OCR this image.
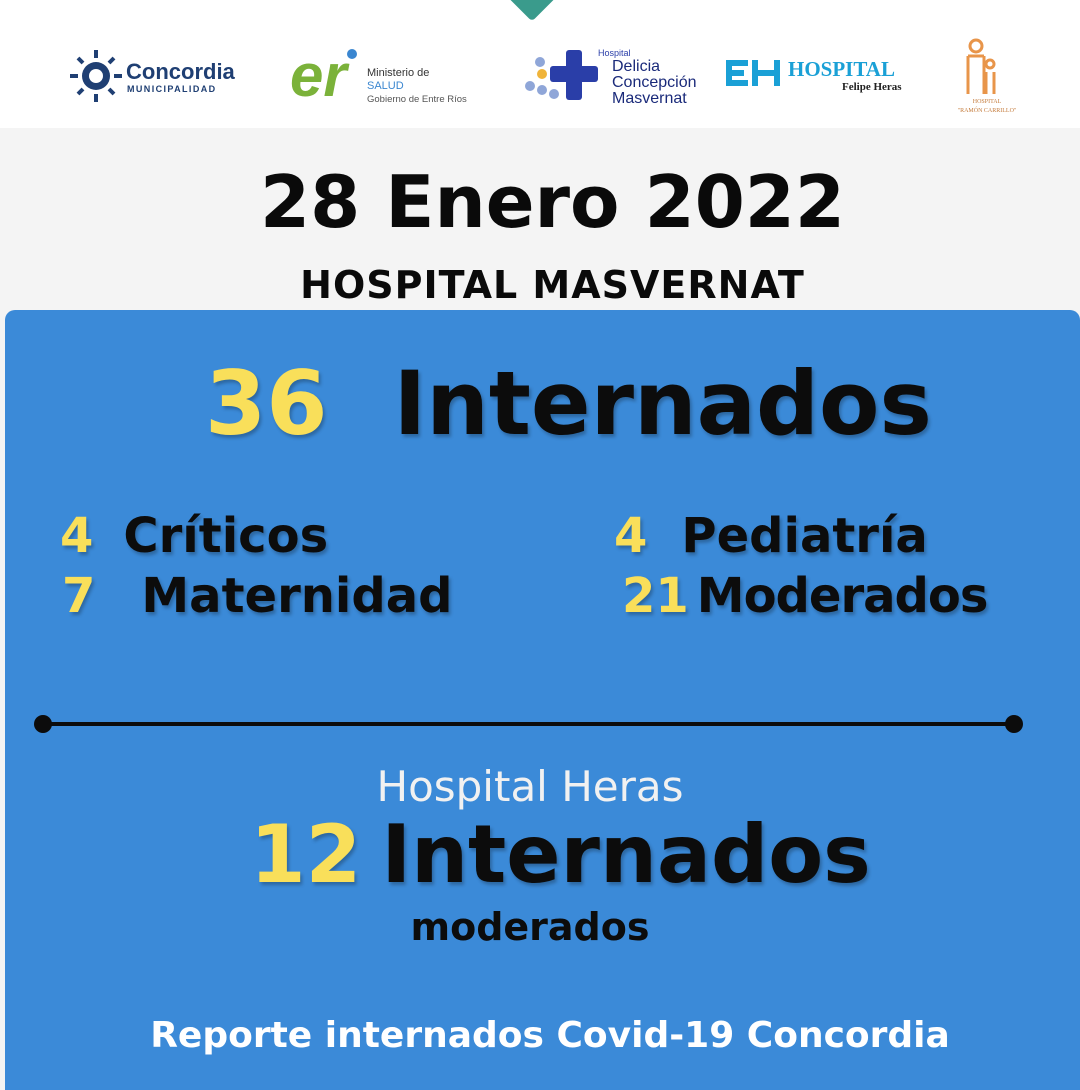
Concordia
MUNICIPALIDAD er	Ministerio de
SALUD
Gobierno de Entre Ríos
Hospital
Delicia
Concepción
Masvernat
HOSPITAL
Felipe Heras
HOSPITAL
"RAMÓN CARRILLO"
28 Enero 2022
HOSPITAL MASVERNAT
36 Internados
4 Críticos
7 Maternidad
4 Pediatría
21 Moderados
Hospital Heras
12 Internados
moderados
Reporte internados Covid-19 Concordia
